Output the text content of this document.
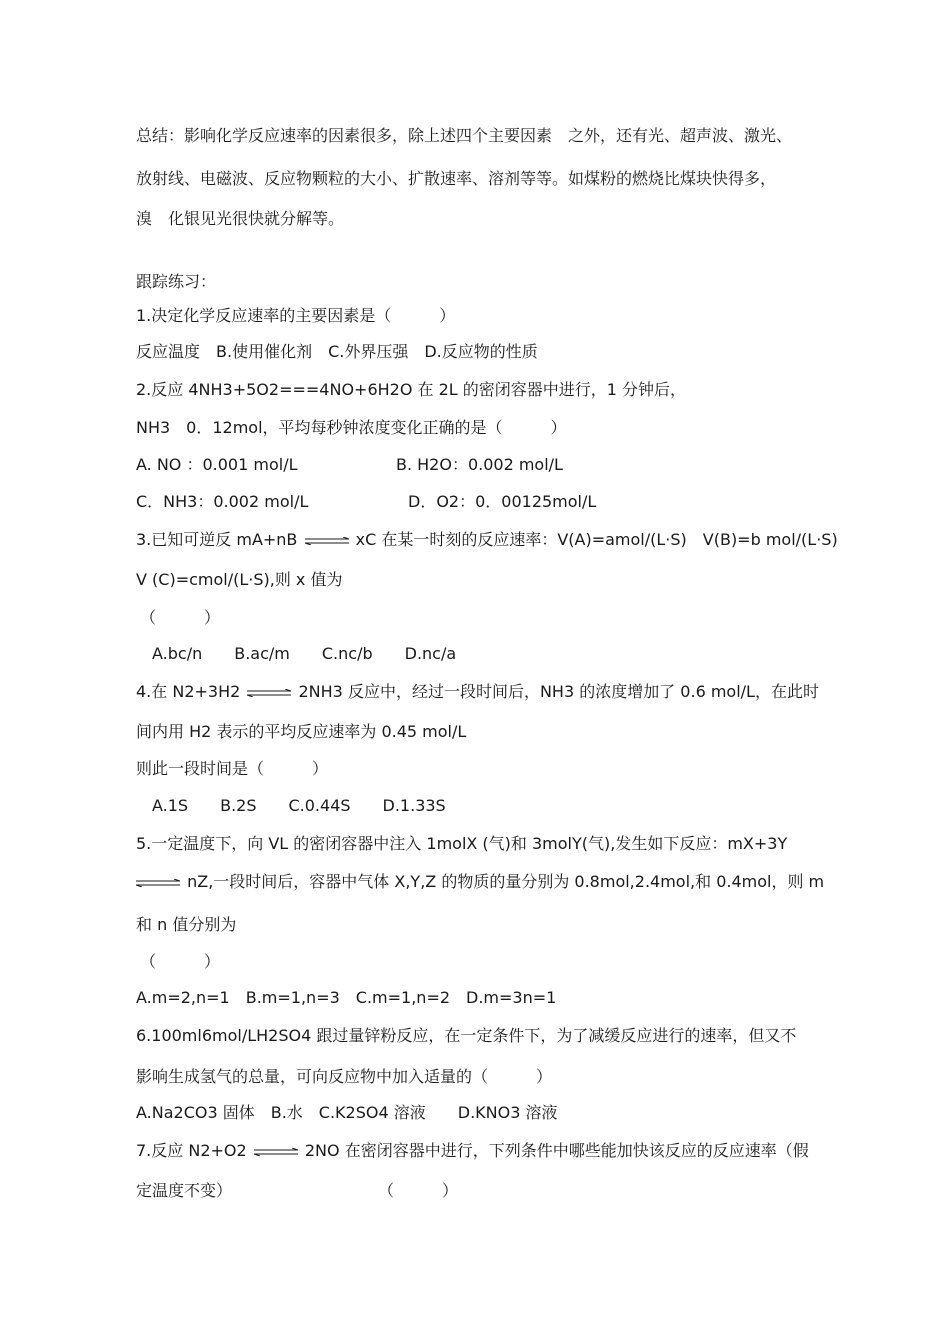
总结：影响化学反应速率的因素很多，除上述四个主要因素　之外，还有光、超声波、激光、
放射线、电磁波、反应物颗粒的大小、扩散速率、溶剂等等。如煤粉的燃烧比煤块快得多，
溴　化银见光很快就分解等。
跟踪练习：
1.决定化学反应速率的主要因素是（　　　）
反应温度　B.使用催化剂　C.外界压强　D.反应物的性质
2.反应 4NH3+5O2===4NO+6H2O 在 2L 的密闭容器中进行，1 分钟后，
NH3　0．12mol，平均每秒钟浓度变化正确的是（　　　）
A. NO ：0.001 mol/L	B. H2O：0.002 mol/L
C．NH3：0.002 mol/L	D．O2：0．00125mol/L
3.已知可逆反 mA+nB ⇌ xC 在某一时刻的反应速率：V(A)=amol/(L·S)　V(B)=b mol/(L·S)
V (C)=cmol/(L·S),则 x 值为
（　　　）
A.bc/n　　B.ac/m　　C.nc/b　　D.nc/a
4.在 N2+3H2 ⇌ 2NH3 反应中，经过一段时间后，NH3 的浓度增加了 0.6 mol/L，在此时
间内用 H2 表示的平均反应速率为 0.45 mol/L
则此一段时间是（　　　）
A.1S　　B.2S　　C.0.44S　　D.1.33S
5.一定温度下，向 VL 的密闭容器中注入 1molX (气)和 3molY(气),发生如下反应：mX+3Y
⇌ nZ,一段时间后，容器中气体 X,Y,Z 的物质的量分别为 0.8mol,2.4mol,和 0.4mol，则 m
和 n 值分别为
（　　　）
A.m=2,n=1　B.m=1,n=3　C.m=1,n=2　D.m=3n=1
6.100ml6mol/LH2SO4 跟过量锌粉反应，在一定条件下，为了减缓反应进行的速率，但又不
影响生成氢气的总量，可向反应物中加入适量的（　　　）
A.Na2CO3 固体　B.水　C.K2SO4 溶液　　D.KNO3 溶液
7.反应 N2+O2 ⇌ 2NO 在密闭容器中进行，下列条件中哪些能加快该反应的反应速率（假
定温度不变）	（　　　）
